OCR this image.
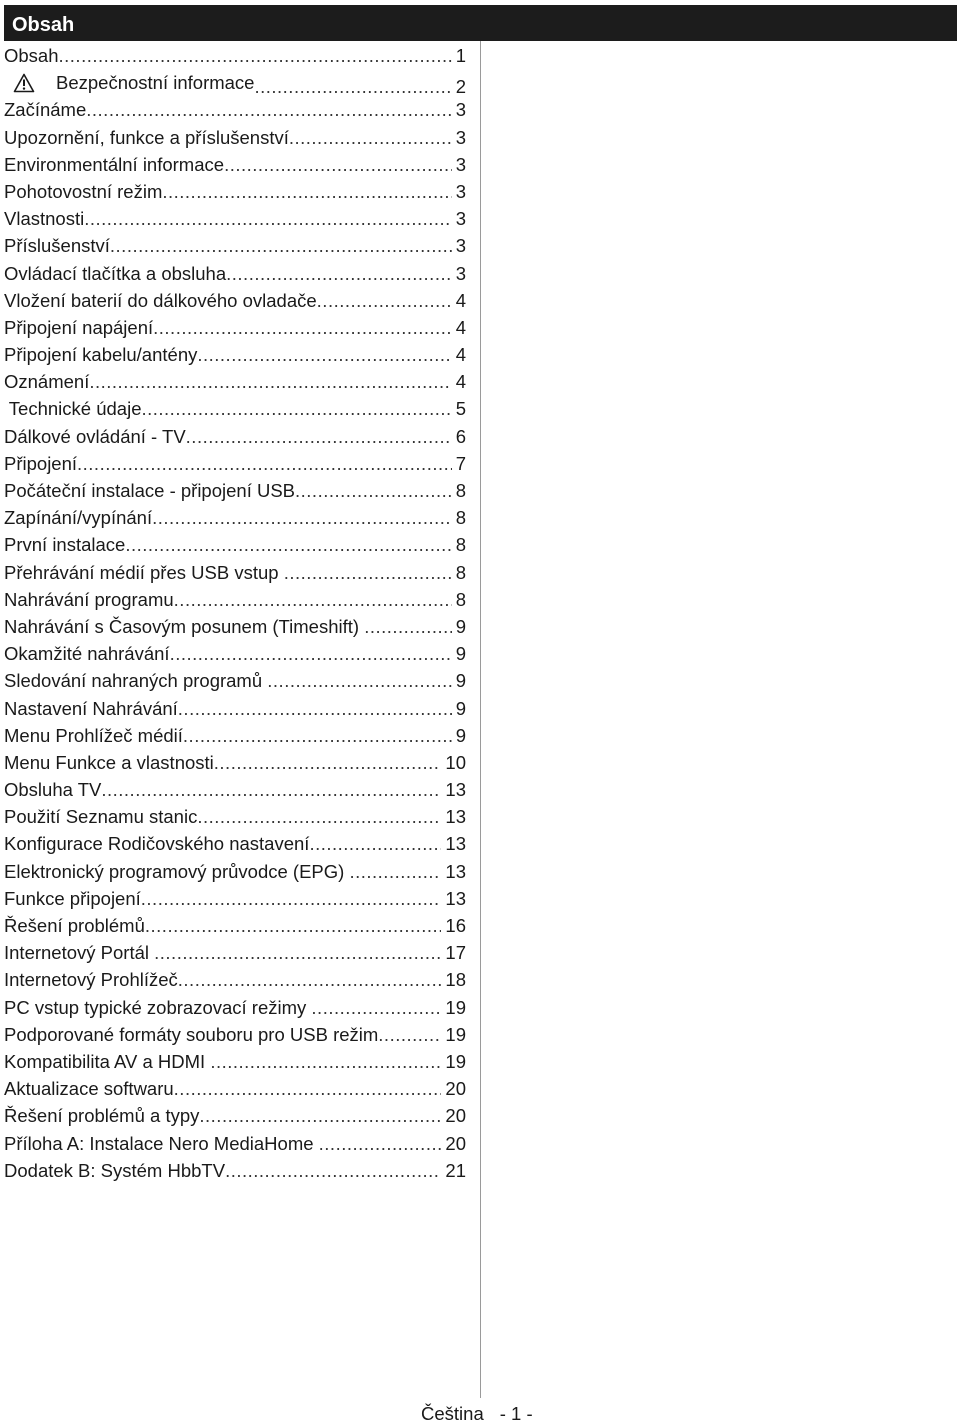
Obsah
Obsah .....	1
Bezpečnostní informace .....	2
Začínáme .....	3
Upozornění, funkce a příslušenství .....	3
Environmentální informace .....	3
Pohotovostní režim .....	3
Vlastnosti .....	3
Příslušenství .....	3
Ovládací tlačítka a obsluha .....	3
Vložení baterií do dálkového ovladače .....	4
Připojení napájení .....	4
Připojení kabelu/antény .....	4
Oznámení .....	4
Technické údaje .....	5
Dálkové ovládání - TV .....	6
Připojení .....	7
Počáteční instalace - připojení USB .....	8
Zapínání/vypínání .....	8
První instalace .....	8
Přehrávání médií přes USB vstup .....	8
Nahrávání programu .....	8
Nahrávání s Časovým posunem (Timeshift) .....	9
Okamžité nahrávání .....	9
Sledování nahraných programů .....	9
Nastavení Nahrávání .....	9
Menu Prohlížeč médií .....	9
Menu Funkce a vlastnosti .....	10
Obsluha TV .....	13
Použití Seznamu stanic .....	13
Konfigurace Rodičovského nastavení .....	13
Elektronický programový průvodce (EPG) .....	13
Funkce připojení .....	13
Řešení problémů .....	16
Internetový Portál .....	17
Internetový Prohlížeč .....	18
PC vstup typické zobrazovací režimy .....	19
Podporované formáty souboru pro USB režim .....	19
Kompatibilita AV a HDMI .....	19
Aktualizace softwaru .....	20
Řešení problémů a typy .....	20
Příloha A: Instalace Nero MediaHome .....	20
Dodatek B: Systém HbbTV .....	21
Čeština - 1 -
